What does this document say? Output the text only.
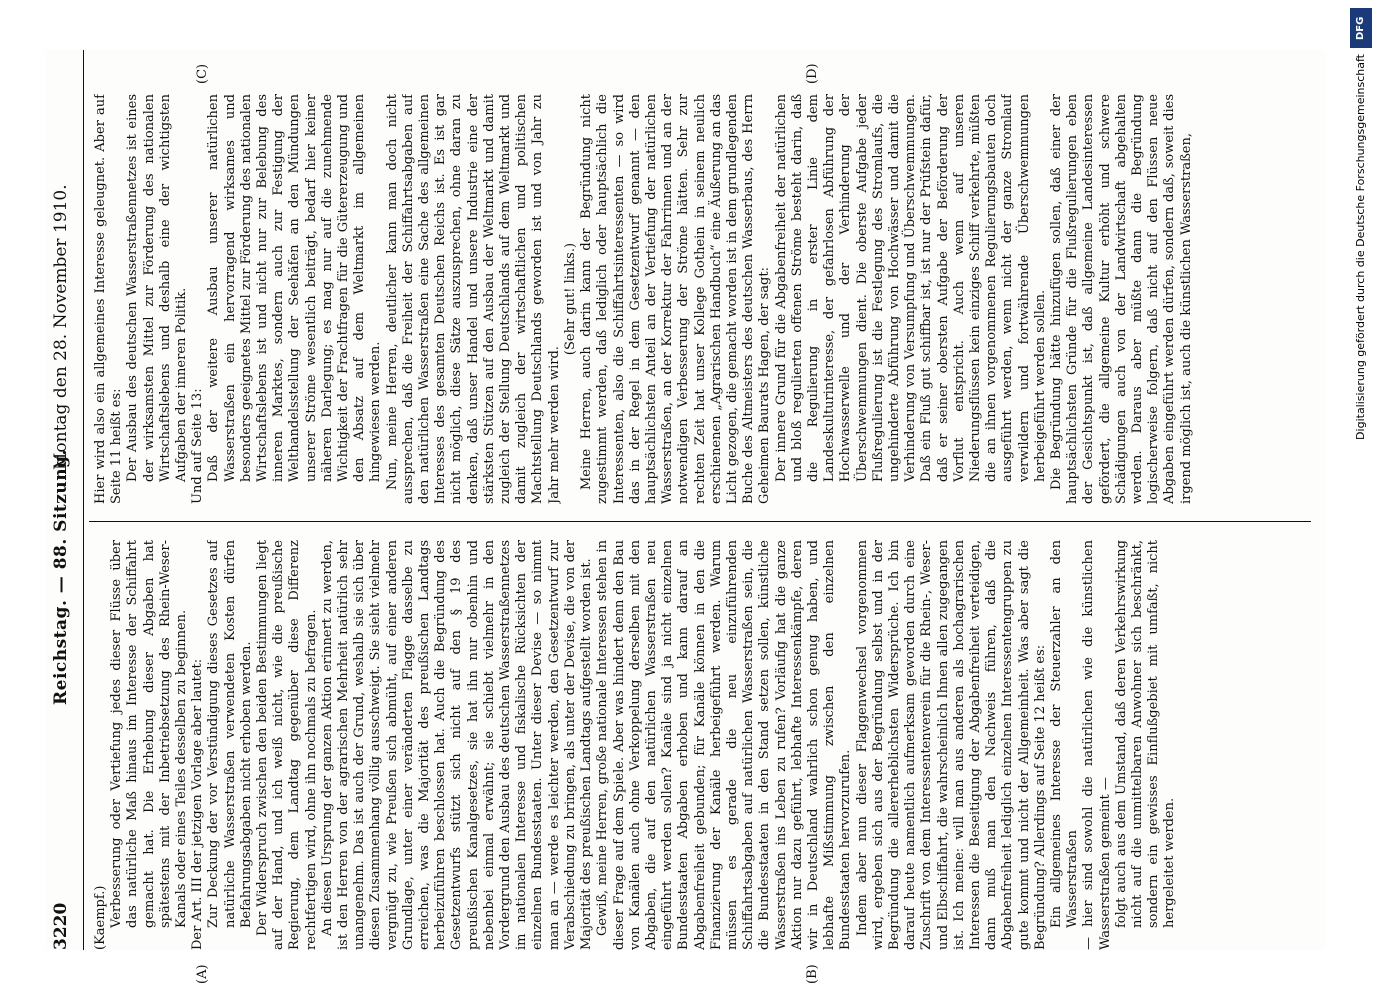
3220
Reichstag. — 88. Sitzung.
Montag den 28. November 1910.
(A)	(B)
(C)	(D)

(Kaempf.) Verbesserung oder Vertiefung jedes dieser Flüsse über das natürliche Maß hinaus im Interesse der Schiffahrt gemacht hat. Die Erhebung dieser Abgaben hat spätestens mit der Inbetriebsetzung des Rhein-Weser-Kanals oder eines Teiles desselben zu beginnen. Der Art. III der jetzigen Vorlage aber lautet: Zur Deckung der vor Verstündigung dieses Gesetzes auf natürliche Wasserstraßen verwendeten Kosten dürfen Befahrungsabgaben nicht erhoben werden. Der Widerspruch zwischen den beiden Bestimmungen liegt auf der Hand, und ich weiß nicht, wie die preußische Regierung, dem Landtag gegenüber diese Differenz rechtfertigen wird, ohne ihn nochmals zu befragen. An diesen Ursprung der ganzen Aktion erinnert zu werden, ist den Herren von der agrarischen Mehrheit natürlich sehr unangenehm. Das ist auch der Grund, weshalb sie sich über diesen Zusammenhang völlig ausschweigt. Sie sieht vielmehr vergnügt zu, wie Preußen sich abmüht, auf einer anderen Grundlage, unter einer veränderten Flagge dasselbe zu erreichen, was die Majorität des preußischen Landtags herbeizuführen beschlossen hat. Auch die Begründung des Gesetzentwurfs stützt sich nicht auf den § 19 des preußischen Kanalgesetzes, sie hat ihn nur obenhin und nebenbei einmal erwähnt; sie schiebt vielmehr in den Vordergrund den Ausbau des deutschen Wasserstraßennetzes im nationalen Interesse und fiskalische Rücksichten der einzelnen Bundesstaaten. Unter dieser Devise — so nimmt man an — werde es leichter werden, den Gesetzentwurf zur Verabschiedung zu bringen, als unter der Devise, die von der Majorität des preußischen Landtags aufgestellt worden ist. Gewiß, meine Herren, große nationale Interessen stehen in dieser Frage auf dem Spiele. Aber was hindert denn den Bau von Kanälen auch ohne Verkoppelung derselben mit den Abgaben, die auf den natürlichen Wasserstraßen neu eingeführt werden sollen? Kanäle sind ja nicht einzelnen Bundesstaaten Abgaben erhoben und kann darauf an Abgabenfreiheit gebunden; für Kanäle können in den die Finanzierung der Kanäle herbeigeführt werden. Warum müssen es gerade die neu einzuführenden Schiffahrtsabgaben auf natürlichen Wasserstraßen sein, die die Bundesstaaten in den Stand setzen sollen, künstliche Wasserstraßen ins Leben zu rufen? Vorläufig hat die ganze Aktion nur dazu geführt, lebhafte Interessenkämpfe, deren wir in Deutschland wahrlich schon genug haben, und lebhafte Mißstimmung zwischen den einzelnen Bundesstaaten hervorzurufen. Indem aber nun dieser Flaggenwechsel vorgenommen wird, ergeben sich aus der Begründung selbst und in der Begründung die allererheblichsten Widersprüche. Ich bin darauf heute namentlich aufmerksam geworden durch eine Zuschrift von dem Interessentenverein für die Rhein-, Weser- und Elbschiffahrt, die wahrscheinlich Ihnen allen zugegangen ist. Ich meine: will man aus anderen als hochagrarischen Interessen die Beseitigung der Abgabenfreiheit verteidigen, dann muß man den Nachweis führen, daß die Abgabenfreiheit lediglich einzelnen Interessentengruppen zu gute kommt und nicht der Allgemeinheit. Was aber sagt die Begründung? Allerdings auf Seite 12 heißt es: Ein allgemeines Interesse der Steuerzahler an den Wasserstraßen — hier sind sowohl die natürlichen wie die künstlichen Wasserstraßen gemeint — folgt auch aus dem Umstand, daß deren Verkehrswirkung nicht auf die unmittelbaren Anwohner sich beschränkt, sondern ein gewisses Einflußgebiet mit umfaßt, nicht hergeleitet werden.

Hier wird also ein allgemeines Interesse geleugnet. Aber auf Seite 11 heißt es: Der Ausbau des deutschen Wasserstraßennetzes ist eines der wirksamsten Mittel zur Förderung des nationalen Wirtschaftslebens und deshalb eine der wichtigsten Aufgaben der inneren Politik. Und auf Seite 13: Daß der weitere Ausbau unserer natürlichen Wasserstraßen ein hervorragend wirksames und besonders geeignetes Mittel zur Förderung des nationalen Wirtschaftslebens ist und nicht nur zur Belebung des inneren Marktes, sondern auch zur Festigung der Welthandelsstellung der Seehäfen an den Mündungen unserer Ströme wesentlich beiträgt, bedarf hier keiner näheren Darlegung; es mag nur auf die zunehmende Wichtigkeit der Frachtfragen für die Gütererzeugung und den Absatz auf dem Weltmarkt im allgemeinen hingewiesen werden. Nun, meine Herren, deutlicher kann man doch nicht aussprechen, daß die Freiheit der Schiffahrtsabgaben auf den natürlichen Wasserstraßen eine Sache des allgemeinen Interesses des gesamten Deutschen Reichs ist. Es ist gar nicht möglich, diese Sätze auszusprechen, ohne daran zu denken, daß unser Handel und unsere Industrie eine der stärksten Stützen auf den Ausbau der Weltmarkt und damit zugleich der Stellung Deutschlands auf dem Weltmarkt und damit zugleich der wirtschaftlichen und politischen Machtstellung Deutschlands geworden ist und von Jahr zu Jahr mehr werden wird.

(Sehr gut! links.) Meine Herren, auch darin kann der Begründung nicht zugestimmt werden, daß lediglich oder hauptsächlich die Interessenten, also die Schiffahrtsinteressenten — so wird das in der Regel in dem Gesetzentwurf genannt — den hauptsächlichsten Anteil an der Vertiefung der natürlichen Wasserstraßen, an der Korrektur der Fahrrinnen und an der notwendigen Verbesserung der Ströme hätten. Sehr zur rechten Zeit hat unser Kollege Gothein in seinem neulich erschienenen „Agrarischen Handbuch“ eine Äußerung an das Licht gezogen, die gemacht worden ist in dem grundlegenden Buche des Altmeisters des deutschen Wasserbaus, des Herrn Geheimen Baurats Hagen, der sagt: Der innere Grund für die Abgabenfreiheit der natürlichen und bloß regulierten offenen Ströme besteht darin, daß die Regulierung in erster Linie dem Landeskulturinteresse, der gefahrlosen Abführung der Hochwasserwelle und der Verhinderung der Überschwemmungen dient. Die oberste Aufgabe jeder Flußregulierung ist die Festlegung des Stromlaufs, die ungehinderte Abführung von Hochwässer und damit die Verhinderung von Versumpfung und Überschwemmungen. Daß ein Fluß gut schiffbar ist, ist nur der Prüfstein dafür, daß er seiner obersten Aufgabe der Beförderung der Vorflut entspricht. Auch wenn auf unseren Niederungsflüssen kein einziges Schiff verkehrte, müßten die an ihnen vorgenommenen Regulierungsbauten doch ausgeführt werden, wenn nicht der ganze Stromlauf verwildern und fortwährende Überschwemmungen herbeigeführt werden sollen. Die Begründung hätte hinzufügen sollen, daß einer der hauptsächlichsten Gründe für die Flußregulierungen eben der Gesichtspunkt ist, daß allgemeine Landesinteressen gefördert, die allgemeine Kultur erhöht und schwere Schädigungen auch von der Landwirtschaft abgehalten werden. Daraus aber müßte dann die Begründung logischerweise folgern, daß nicht auf den Flüssen neue Abgaben eingeführt werden dürfen, sondern daß, soweit dies irgend möglich ist, auch die künstlichen Wasserstraßen,

DFG
Digitalisierung gefördert durch die Deutsche Forschungsgemeinschaft
